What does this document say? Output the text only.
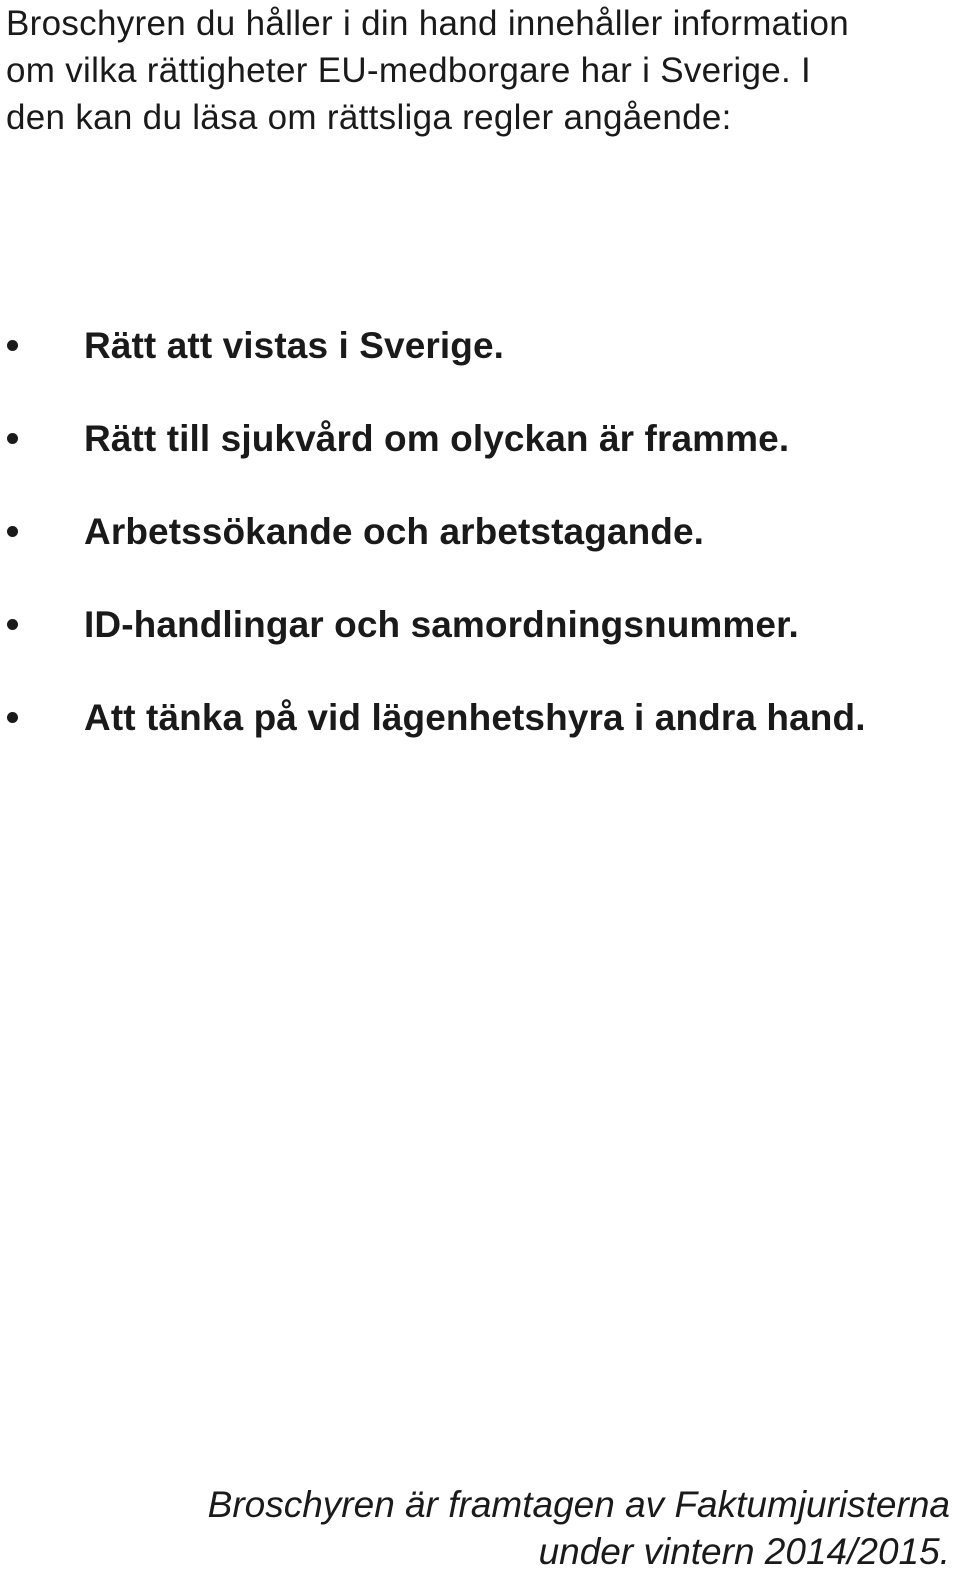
Broschyren du håller i din hand innehåller information
om vilka rättigheter EU-medborgare har i Sverige. I
den kan du läsa om rättsliga regler angående:
Rätt att vistas i Sverige.
Rätt till sjukvård om olyckan är framme.
Arbetssökande och arbetstagande.
ID-handlingar och samordningsnummer.
Att tänka på vid lägenhetshyra i andra hand.
Broschyren är framtagen av Faktumjuristerna
under vintern 2014/2015.
